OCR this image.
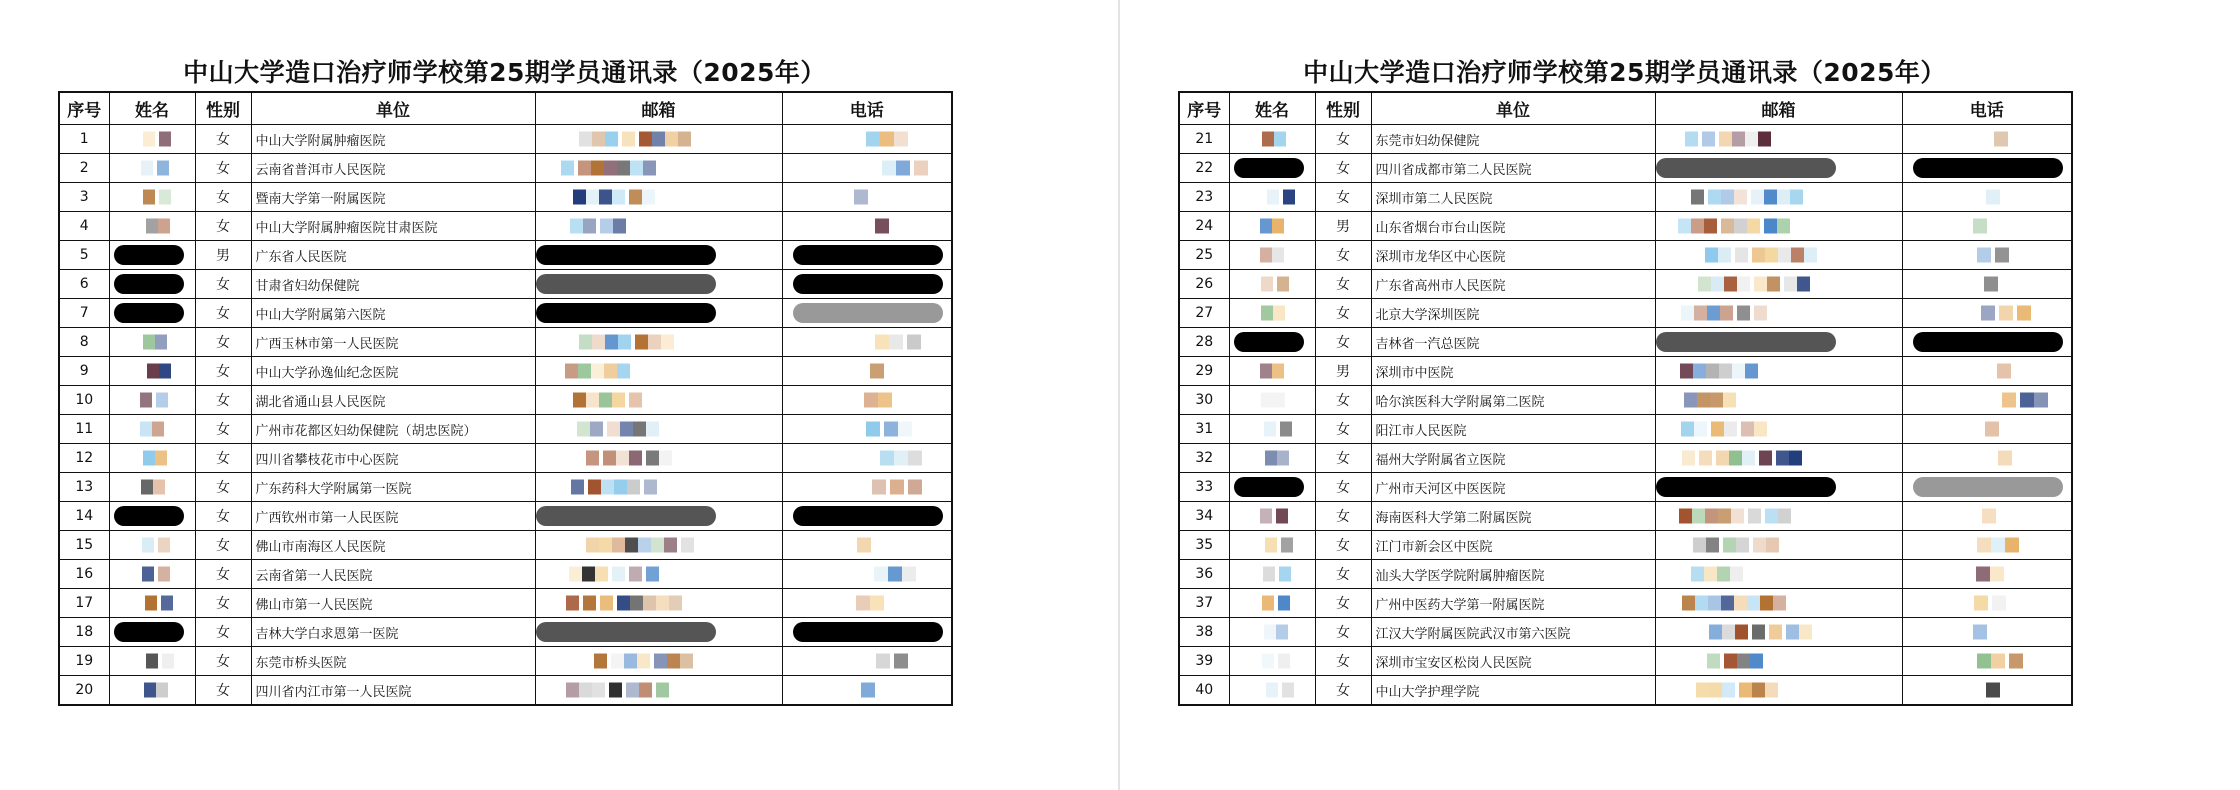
中山大学造口治疗师学校第25期学员通讯录（2025年）
序号	姓名	性别	单位	邮箱	电话
1		女	中山大学附属肿瘤医院	

2		女	云南省普洱市人民医院	

3		女	暨南大学第一附属医院	

4		女	中山大学附属肿瘤医院甘肃医院	

5		男	广东省人民医院	

6		女	甘肃省妇幼保健院	

7		女	中山大学附属第六医院	

8		女	广西玉林市第一人民医院	

9		女	中山大学孙逸仙纪念医院	

10		女	湖北省通山县人民医院	

11		女	广州市花都区妇幼保健院（胡忠医院）	

12		女	四川省攀枝花市中心医院	

13		女	广东药科大学附属第一医院	

14		女	广西钦州市第一人民医院	

15		女	佛山市南海区人民医院	

16		女	云南省第一人民医院	

17		女	佛山市第一人民医院	

18		女	吉林大学白求恩第一医院	

19		女	东莞市桥头医院	

20		女	四川省内江市第一人民医院	

中山大学造口治疗师学校第25期学员通讯录（2025年）
序号	姓名	性别	单位	邮箱	电话
21		女	东莞市妇幼保健院	

22		女	四川省成都市第二人民医院	

23		女	深圳市第二人民医院	

24		男	山东省烟台市台山医院	

25		女	深圳市龙华区中心医院	

26		女	广东省高州市人民医院	

27		女	北京大学深圳医院	

28		女	吉林省一汽总医院	

29		男	深圳市中医院	

30		女	哈尔滨医科大学附属第二医院	

31		女	阳江市人民医院	

32		女	福州大学附属省立医院	

33		女	广州市天河区中医医院	

34		女	海南医科大学第二附属医院	

35		女	江门市新会区中医院	

36		女	汕头大学医学院附属肿瘤医院	

37		女	广州中医药大学第一附属医院	

38		女	江汉大学附属医院武汉市第六医院	

39		女	深圳市宝安区松岗人民医院	

40		女	中山大学护理学院	
